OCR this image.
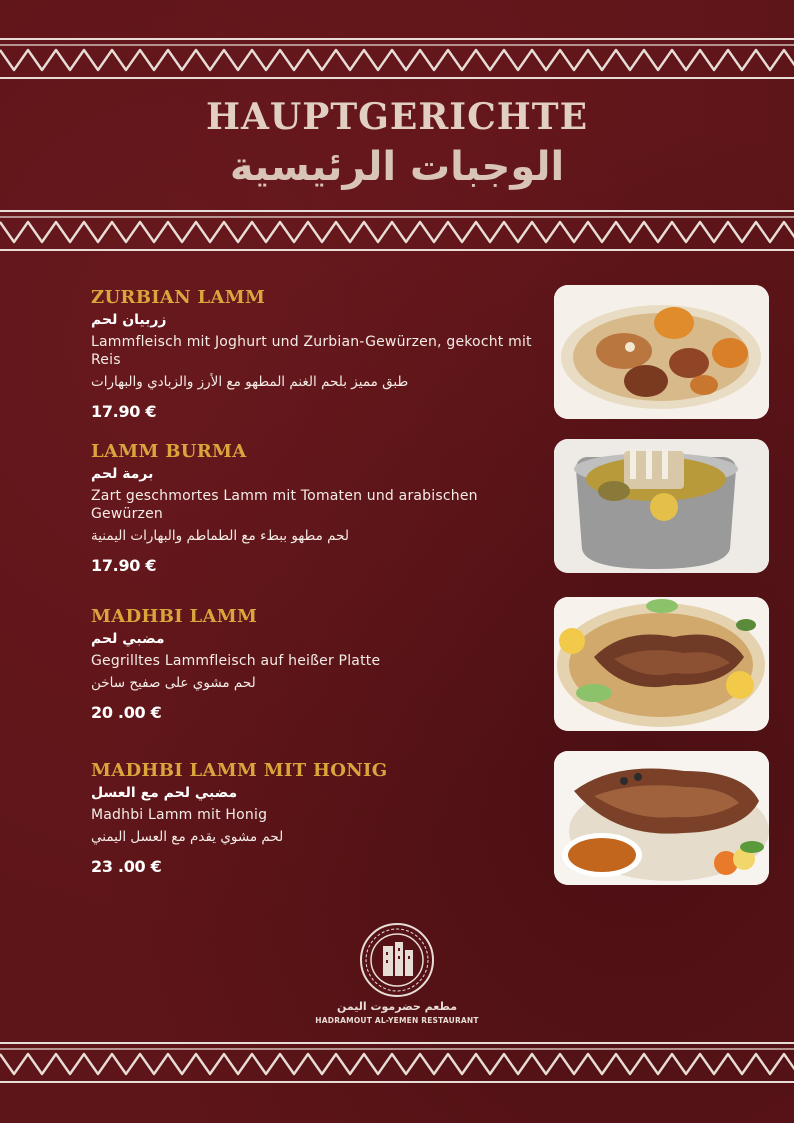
HAUPTGERICHTE
الوجبات الرئيسية
ZURBIAN LAMM
زربيان لحم
Lammfleisch mit Joghurt und Zurbian-Gewürzen, gekocht mit Reis
طبق مميز بلحم الغنم المطهو مع الأرز والزبادي والبهارات
17.90 €
LAMM BURMA
برمة لحم
Zart geschmortes Lamm mit Tomaten und arabischen Gewürzen
لحم مطهو ببطء مع الطماطم والبهارات اليمنية
17.90 €
MADHBI LAMM
مضبي لحم
Gegrilltes Lammfleisch auf heißer Platte
لحم مشوي على صفيح ساخن
20 .00 €
MADHBI LAMM MIT HONIG
مضبي لحم مع العسل
Madhbi Lamm mit Honig
لحم مشوي يقدم مع العسل اليمني
23 .00 €
مطعم حضرموت اليمن
HADRAMOUT AL-YEMEN RESTAURANT
